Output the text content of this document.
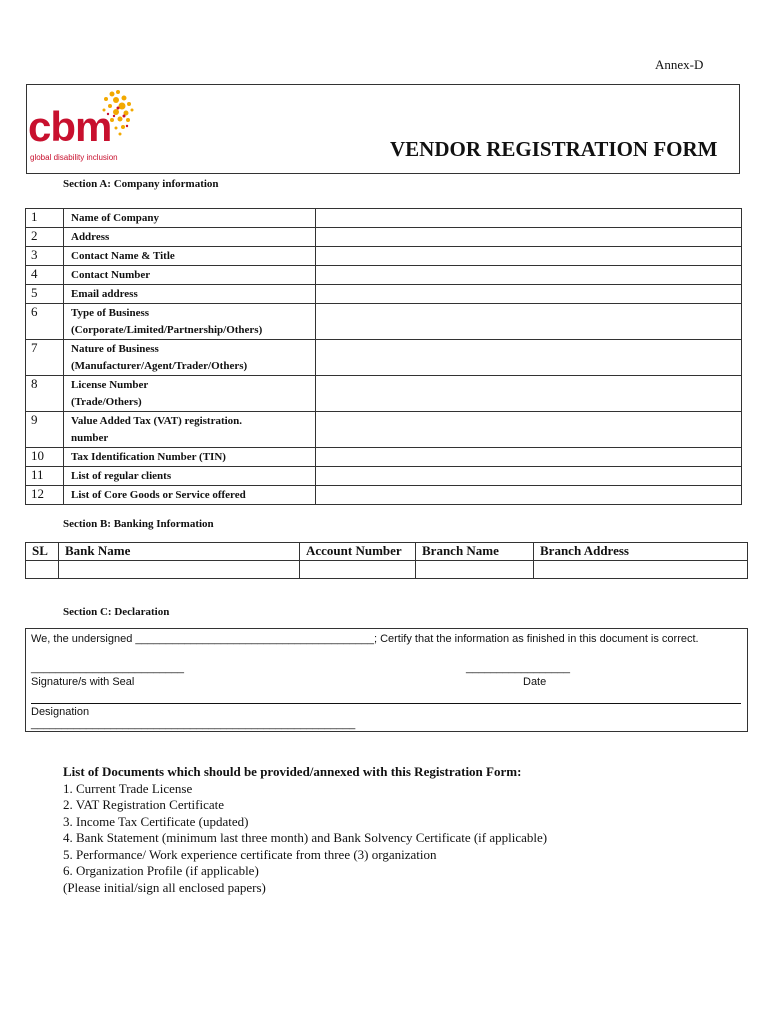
Annex-D
cbm
global disability inclusion	VENDOR REGISTRATION FORM
Section A: Company information
1	Name of Company	

2	Address	

3	Contact Name & Title	

4	Contact Number	

5	Email address	

6	Type of Business
(Corporate/Limited/Partnership/Others)	

7	Nature of Business
(Manufacturer/Agent/Trader/Others)	

8	License Number
(Trade/Others)	

9	Value Added Tax (VAT) registration.
number	

10	Tax Identification Number (TIN)	

11	List of regular clients	

12	List of Core Goods or Service offered	

Section B: Banking Information
SL	Bank Name	Account Number	Branch Name	Branch Address

Section C: Declaration
We, the undersigned _______________________________________; Certify that the information as finished in this document is correct.
_________________________
Signature/s with Seal
_________________
Date
Designation
_____________________________________________________
List of Documents which should be provided/annexed with this Registration Form:
1. Current Trade License
2. VAT Registration Certificate
3. Income Tax Certificate (updated)
4. Bank Statement (minimum last three month) and Bank Solvency Certificate (if applicable)
5. Performance/ Work experience certificate from three (3) organization
6. Organization Profile (if applicable)
(Please initial/sign all enclosed papers)
